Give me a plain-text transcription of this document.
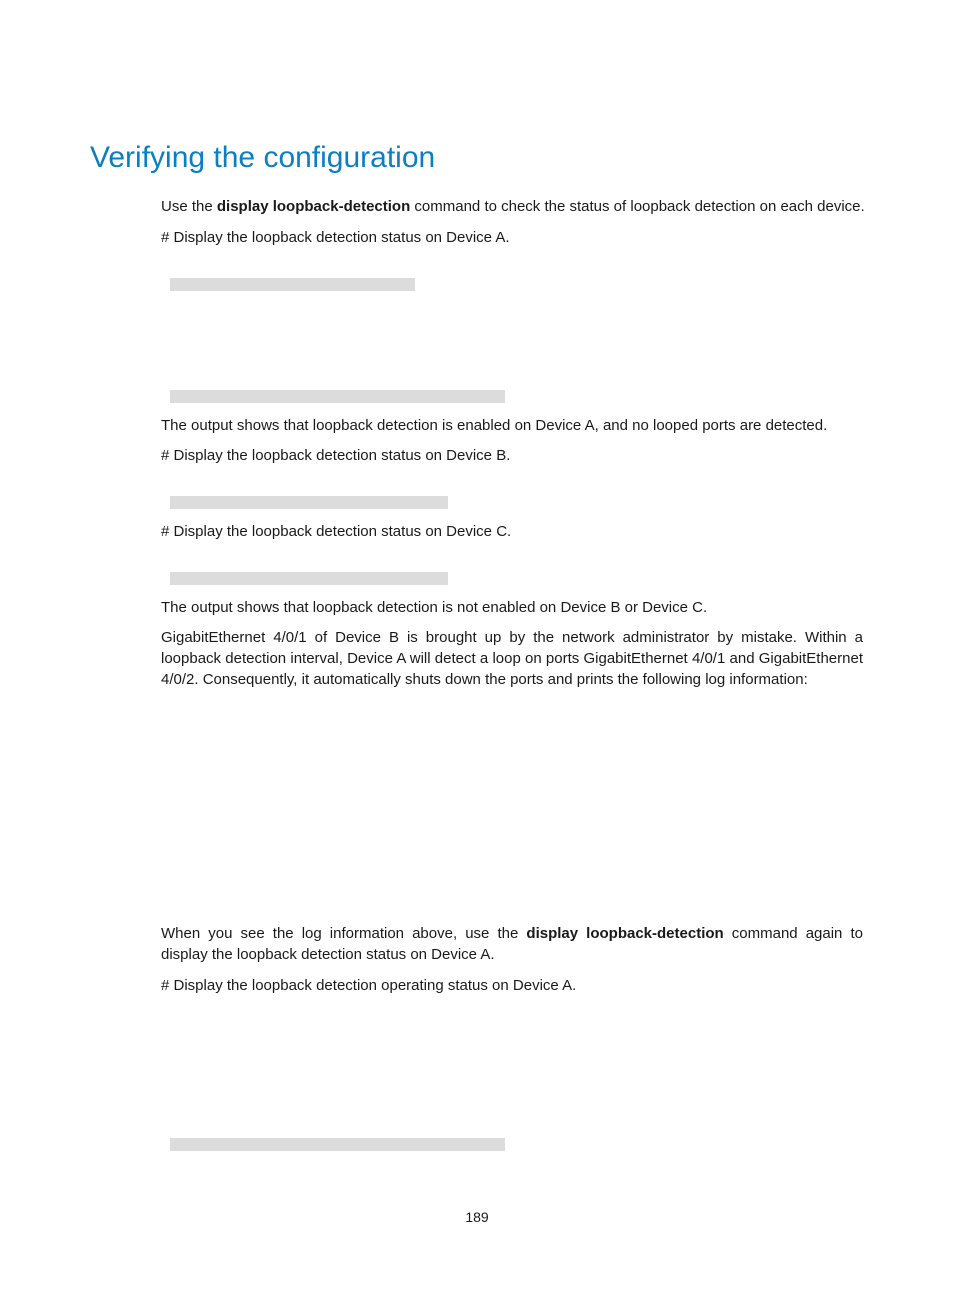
Verifying the configuration

Use the display loopback-detection command to check the status of loopback detection on each device.

# Display the loopback detection status on Device A.

The output shows that loopback detection is enabled on Device A, and no looped ports are detected.

# Display the loopback detection status on Device B.

# Display the loopback detection status on Device C.

The output shows that loopback detection is not enabled on Device B or Device C.

GigabitEthernet 4/0/1 of Device B is brought up by the network administrator by mistake. Within a loopback detection interval, Device A will detect a loop on ports GigabitEthernet 4/0/1 and GigabitEthernet 4/0/2. Consequently, it automatically shuts down the ports and prints the following log information:

When you see the log information above, use the display loopback-detection command again to display the loopback detection status on Device A.

# Display the loopback detection operating status on Device A.

189
